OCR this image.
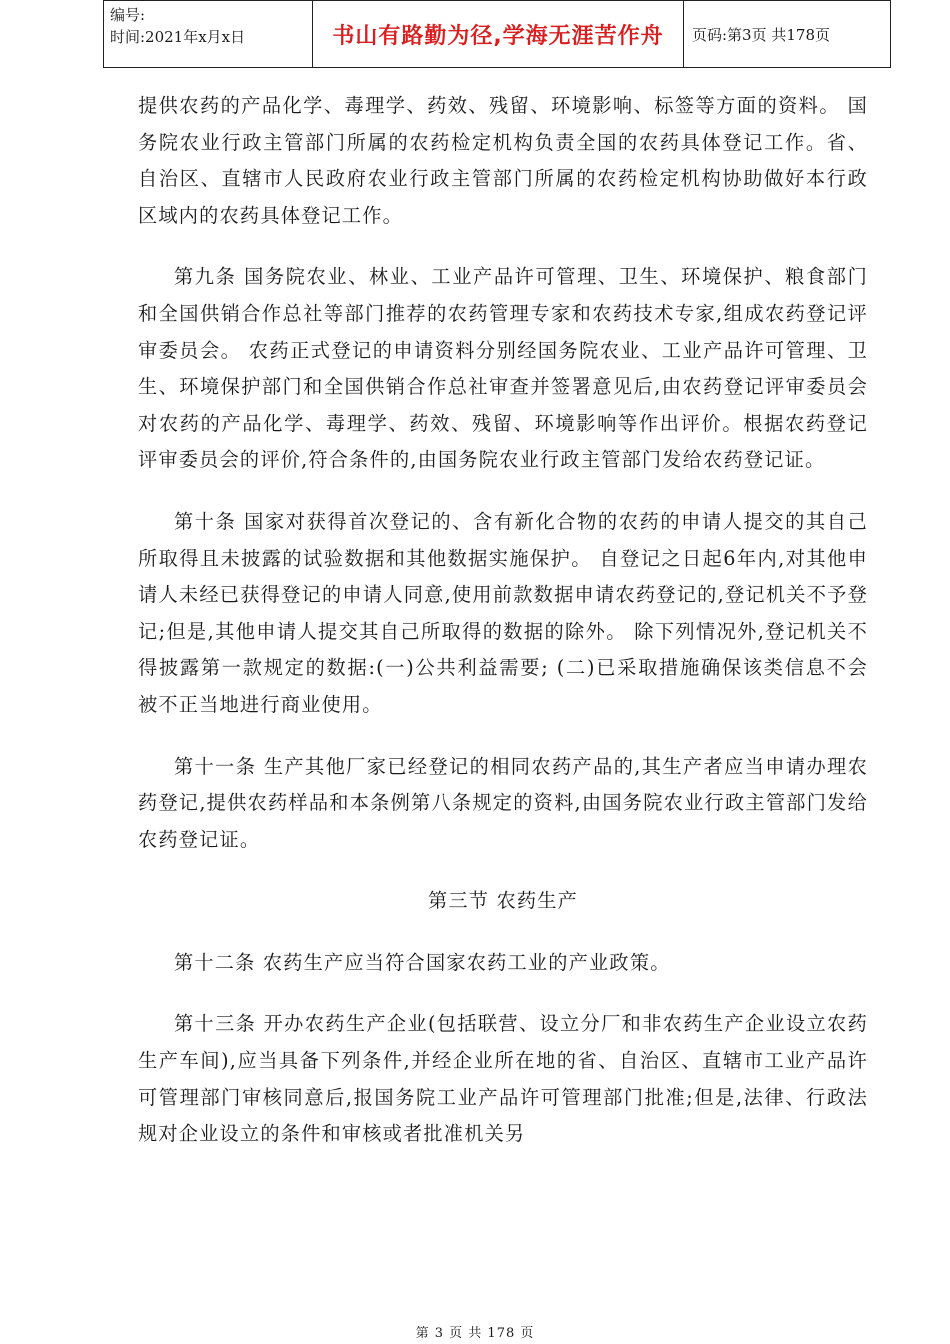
编号:
时间:2021年x月x日	书山有路勤为径,学海无涯苦作舟	页码:第3页 共178页

提供农药的产品化学、毒理学、药效、残留、环境影响、标签等方面的资料。 国务院农业行政主管部门所属的农药检定机构负责全国的农药具体登记工作。省、自治区、直辖市人民政府农业行政主管部门所属的农药检定机构协助做好本行政区域内的农药具体登记工作。

第九条 国务院农业、林业、工业产品许可管理、卫生、环境保护、粮食部门和全国供销合作总社等部门推荐的农药管理专家和农药技术专家,组成农药登记评审委员会。 农药正式登记的申请资料分别经国务院农业、工业产品许可管理、卫生、环境保护部门和全国供销合作总社审查并签署意见后,由农药登记评审委员会对农药的产品化学、毒理学、药效、残留、环境影响等作出评价。根据农药登记评审委员会的评价,符合条件的,由国务院农业行政主管部门发给农药登记证。

第十条 国家对获得首次登记的、含有新化合物的农药的申请人提交的其自己所取得且未披露的试验数据和其他数据实施保护。 自登记之日起6年内,对其他申请人未经已获得登记的申请人同意,使用前款数据申请农药登记的,登记机关不予登记;但是,其他申请人提交其自己所取得的数据的除外。 除下列情况外,登记机关不得披露第一款规定的数据:(一)公共利益需要; (二)已采取措施确保该类信息不会被不正当地进行商业使用。

第十一条 生产其他厂家已经登记的相同农药产品的,其生产者应当申请办理农药登记,提供农药样品和本条例第八条规定的资料,由国务院农业行政主管部门发给农药登记证。

第三节 农药生产

第十二条 农药生产应当符合国家农药工业的产业政策。

第十三条 开办农药生产企业(包括联营、设立分厂和非农药生产企业设立农药生产车间),应当具备下列条件,并经企业所在地的省、自治区、直辖市工业产品许可管理部门审核同意后,报国务院工业产品许可管理部门批准;但是,法律、行政法规对企业设立的条件和审核或者批准机关另

第 3 页 共 178 页
